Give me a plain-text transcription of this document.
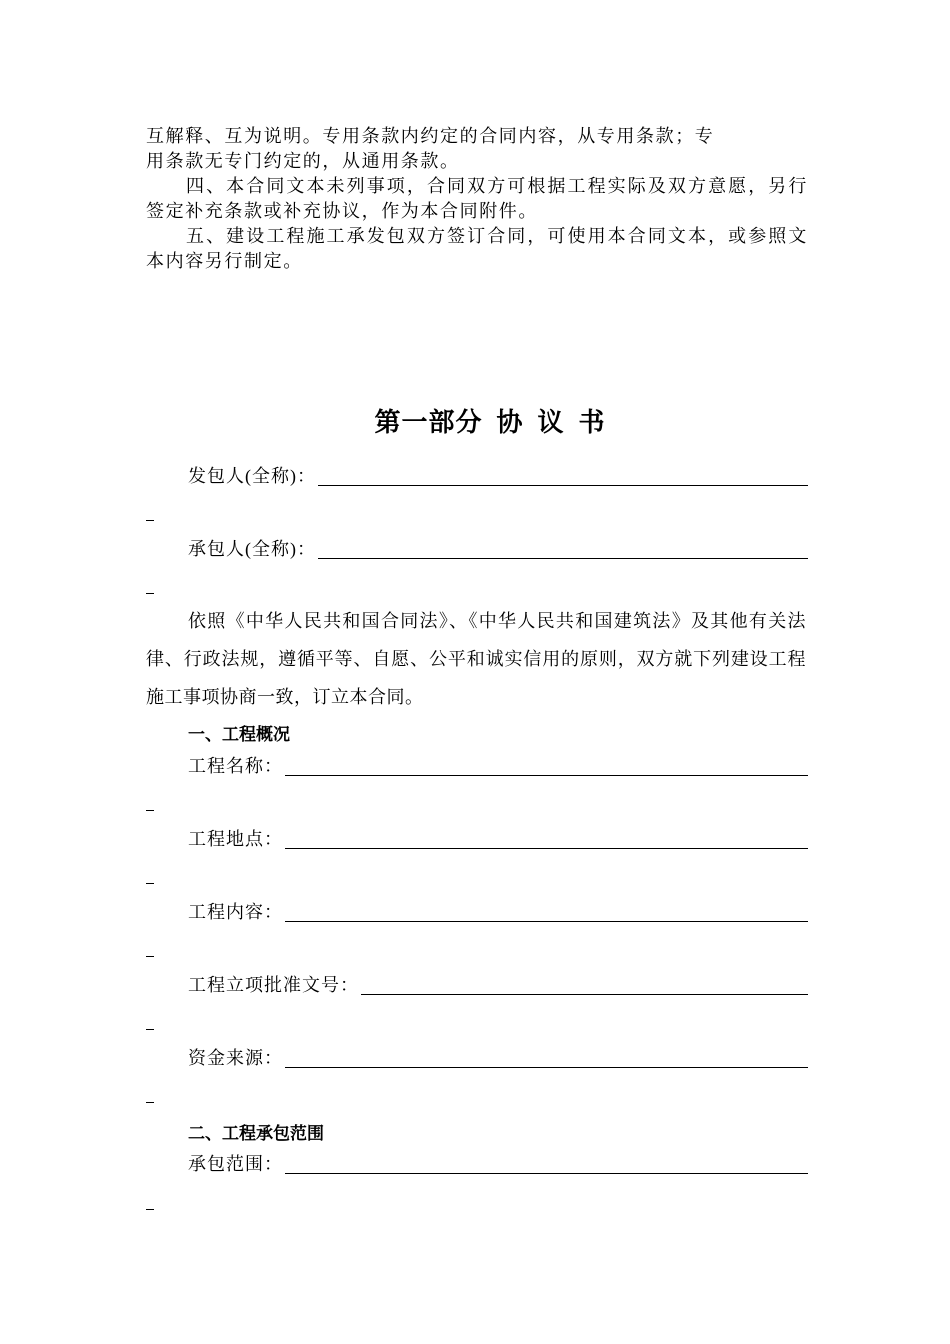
互解释、互为说明。专用条款内约定的合同内容，从专用条款；专

用条款无专门约定的，从通用条款。

四、本合同文本未列事项，合同双方可根据工程实际及双方意愿，另行签定补充条款或补充协议，作为本合同附件。

五、建设工程施工承发包双方签订合同，可使用本合同文本，或参照文本内容另行制定。

第一部分 协 议 书
发包人(全称)：
承包人(全称)：

依照《中华人民共和国合同法》、《中华人民共和国建筑法》及其他有关法律、行政法规，遵循平等、自愿、公平和诚实信用的原则，双方就下列建设工程施工事项协商一致，订立本合同。

一、工程概况
工程名称：
工程地点：
工程内容：
工程立项批准文号：
资金来源：
二、工程承包范围
承包范围：
